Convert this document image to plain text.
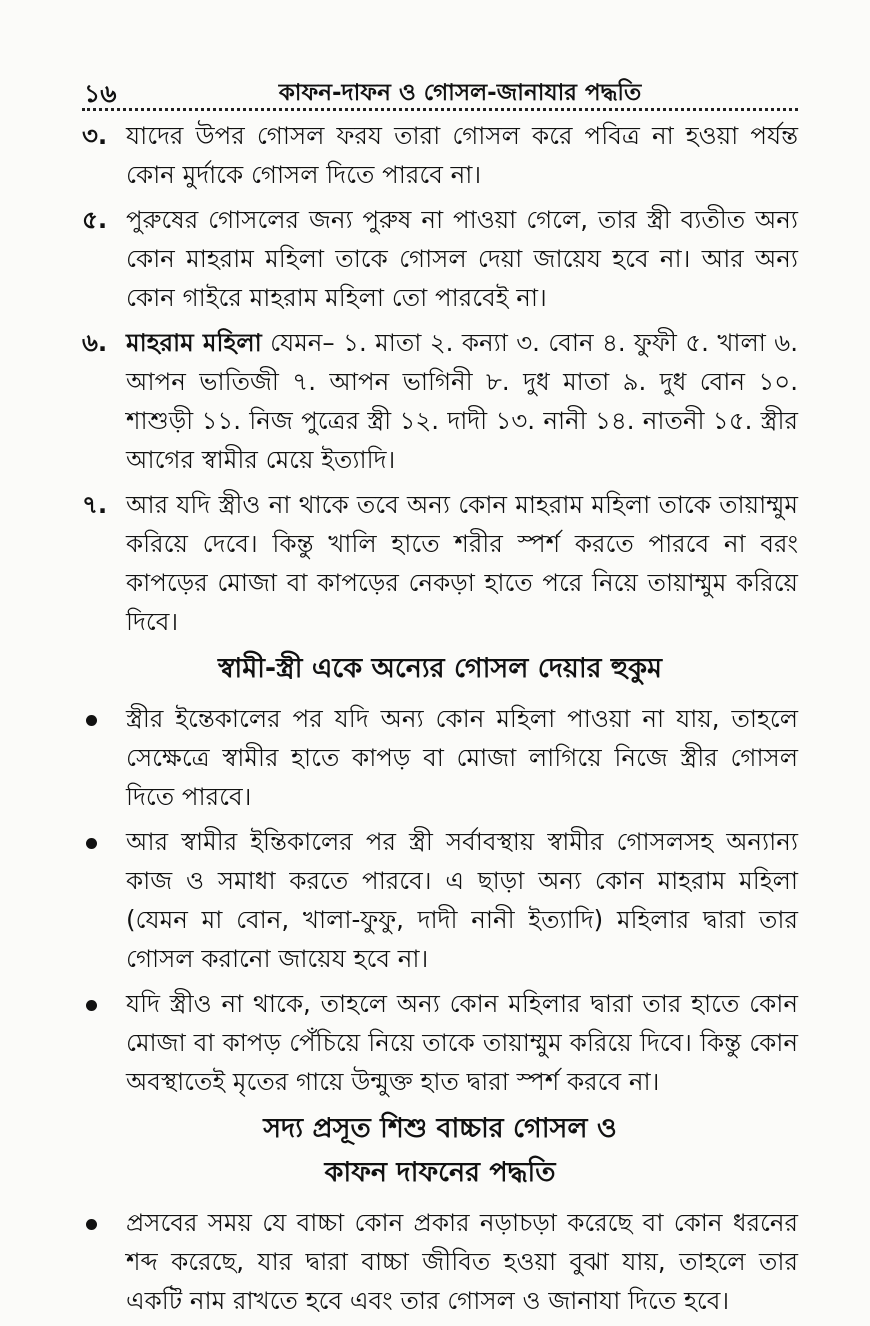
১৬	কাফন-দাফন ও গোসল-জানাযার পদ্ধতি
৩. যাদের উপর গোসল ফরয তারা গোসল করে পবিত্র না হওয়া পর্যন্ত কোন মুর্দাকে গোসল দিতে পারবে না।
৫. পুরুষের গোসলের জন্য পুরুষ না পাওয়া গেলে, তার স্ত্রী ব্যতীত অন্য কোন মাহরাম মহিলা তাকে গোসল দেয়া জায়েয হবে না। আর অন্য কোন গাইরে মাহরাম মহিলা তো পারবেই না।
৬. মাহরাম মহিলা যেমন– ১. মাতা ২. কন্যা ৩. বোন ৪. ফুফী ৫. খালা ৬. আপন ভাতিজী ৭. আপন ভাগিনী ৮. দুধ মাতা ৯. দুধ বোন ১০. শাশুড়ী ১১. নিজ পুত্রের স্ত্রী ১২. দাদী ১৩. নানী ১৪. নাতনী ১৫. স্ত্রীর আগের স্বামীর মেয়ে ইত্যাদি।
৭. আর যদি স্ত্রীও না থাকে তবে অন্য কোন মাহরাম মহিলা তাকে তায়াম্মুম করিয়ে দেবে। কিন্তু খালি হাতে শরীর স্পর্শ করতে পারবে না বরং কাপড়ের মোজা বা কাপড়ের নেকড়া হাতে পরে নিয়ে তায়াম্মুম করিয়ে দিবে।
স্বামী-স্ত্রী একে অন্যের গোসল দেয়ার হুকুম
স্ত্রীর ইন্তেকালের পর যদি অন্য কোন মহিলা পাওয়া না যায়, তাহলে সেক্ষেত্রে স্বামীর হাতে কাপড় বা মোজা লাগিয়ে নিজে স্ত্রীর গোসল দিতে পারবে।
আর স্বামীর ইন্তিকালের পর স্ত্রী সর্বাবস্থায় স্বামীর গোসলসহ অন্যান্য কাজ ও সমাধা করতে পারবে। এ ছাড়া অন্য কোন মাহরাম মহিলা (যেমন মা বোন, খালা-ফুফু, দাদী নানী ইত্যাদি) মহিলার দ্বারা তার গোসল করানো জায়েয হবে না।
যদি স্ত্রীও না থাকে, তাহলে অন্য কোন মহিলার দ্বারা তার হাতে কোন মোজা বা কাপড় পেঁচিয়ে নিয়ে তাকে তায়াম্মুম করিয়ে দিবে। কিন্তু কোন অবস্থাতেই মৃতের গায়ে উন্মুক্ত হাত দ্বারা স্পর্শ করবে না।
সদ্য প্রসূত শিশু বাচ্চার গোসল ও
কাফন দাফনের পদ্ধতি
প্রসবের সময় যে বাচ্চা কোন প্রকার নড়াচড়া করেছে বা কোন ধরনের শব্দ করেছে, যার দ্বারা বাচ্চা জীবিত হওয়া বুঝা যায়, তাহলে তার একটি নাম রাখতে হবে এবং তার গোসল ও জানাযা দিতে হবে।
